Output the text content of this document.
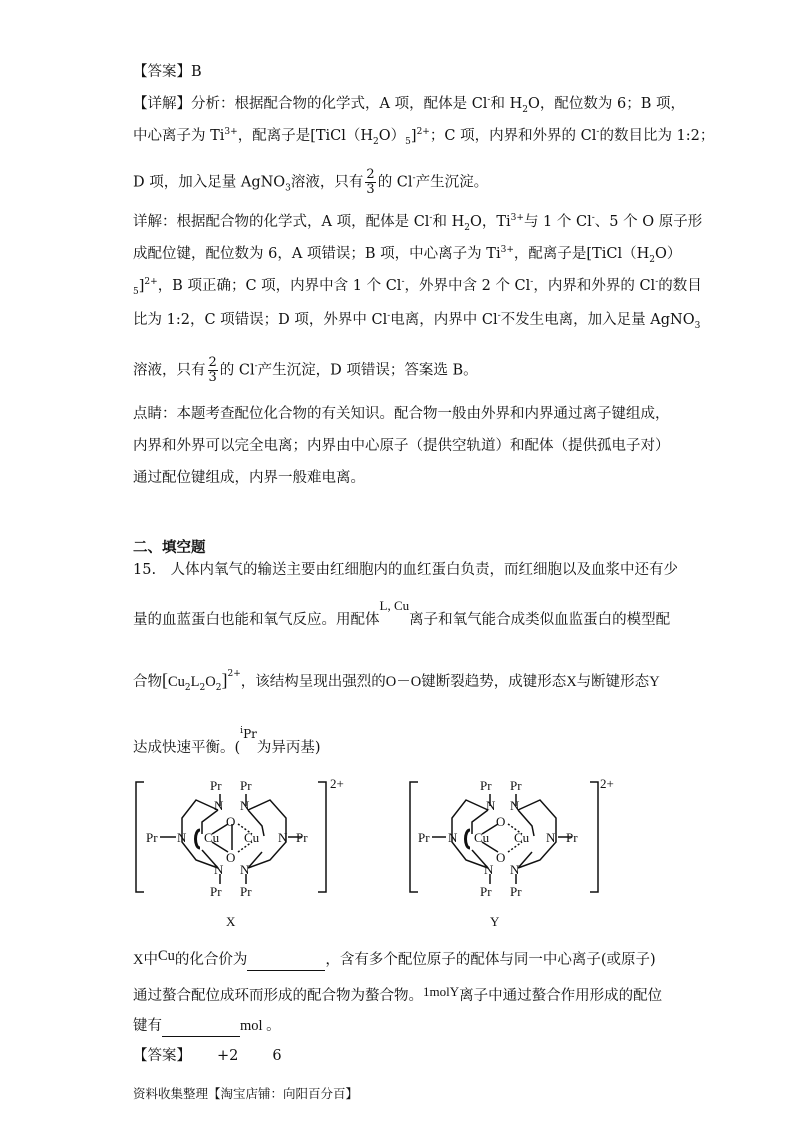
【答案】B
【详解】分析：根据配合物的化学式，A 项，配体是 Cl-和 $H_2O$，配位数为 6；B 项，
中心离子为 $Ti^{3+}$，配离子是$[TiCl(H_2O)_5]^{2+}$；C 项，内界和外界的 Cl-的数目比为 1:2；
D 项，加入足量 AgNO$_3$溶液，只有 $\frac{2}{3}$ 的 Cl-产生沉淀。
详解：根据配合物的化学式，A 项，配体是 Cl-和 $H_2O$，$Ti^{3+}$与 1 个 Cl-、5 个 O 原子形
成配位键，配位数为 6，A 项错误；B 项，中心离子为 $Ti^{3+}$，配离子是[$TiCl(H_2O)$
$_5$]$^{2+}$，B 项正确；C 项，内界中含 1 个 Cl-，外界中含 2 个 Cl-，内界和外界的 Cl-的数目
比为 1:2，C 项错误；D 项，外界中 Cl-电离，内界中 Cl-不发生电离，加入足量 AgNO$_3$
溶液，只有 $\frac{2}{3}$ 的 Cl-产生沉淀，D 项错误；答案选 B。
点睛：本题考查配位化合物的有关知识。配合物一般由外界和内界通过离子键组成，
内界和外界可以完全电离；内界由中心原子（提供空轨道）和配体（提供孤电子对）
通过配位键组成，内界一般难电离。
二、填空题
15.　人体内氧气的输送主要由红细胞内的血红蛋白负责，而红细胞以及血浆中还有少
量的血蓝蛋白也能和氧气反应。用配体L, Cu离子和氧气能合成类似血监蛋白的模型配
合物$[Cu_2L_2O_2]^{2+}$，该结构呈现出强烈的O－O键断裂趋势，成键形态X与断键形态Y
达成快速平衡。($^{^iPr}$为异丙基)
Pr Pr
N N
O
O
Cu Cu
N	N
Pr	Pr
N N
Pr Pr
2+
X
Pr Pr
N N
O
O
Cu Cu
N	N
Pr	Pr
N N
Pr Pr
2+
Y
X中Cu的化合价为	，含有多个配位原子的配体与同一中心离子(或原子)
通过螯合配位成环而形成的配合物为螯合物。1molY离子中通过螯合作用形成的配位
键有	mol 。
【答案】 +2 6
资料收集整理【淘宝店铺：向阳百分百】
